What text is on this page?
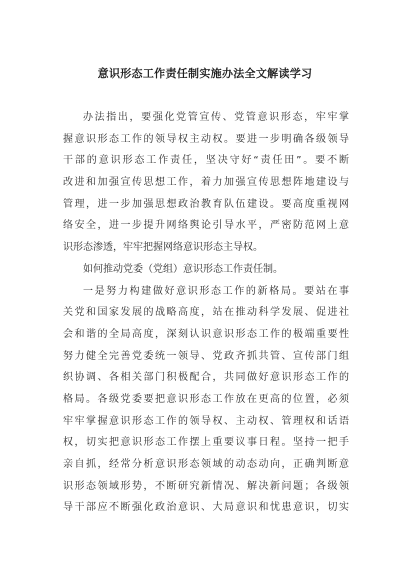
意识形态工作责任制实施办法全文解读学习
办法指出，要强化党管宣传、党管意识形态，牢牢掌
握意识形态工作的领导权主动权。要进一步明确各级领导
干部的意识形态工作责任，坚决守好“责任田”。要不断
改进和加强宣传思想工作，着力加强宣传思想阵地建设与
管理，进一步加强思想政治教育队伍建设。要高度重视网
络安全，进一步提升网络舆论引导水平，严密防范网上意
识形态渗透，牢牢把握网络意识形态主导权。
如何推动党委（党组）意识形态工作责任制。
一是努力构建做好意识形态工作的新格局。要站在事
关党和国家发展的战略高度，站在推动科学发展、促进社
会和谐的全局高度，深刻认识意识形态工作的极端重要性
努力健全完善党委统一领导、党政齐抓共管、宣传部门组
织协调、各相关部门积极配合，共同做好意识形态工作的
格局。各级党委要把意识形态工作放在更高的位置，必须
牢牢掌握意识形态工作的领导权、主动权、管理权和话语
权，切实把意识形态工作摆上重要议事日程。坚持一把手
亲自抓，经常分析意识形态领域的动态动向，正确判断意
识形态领域形势，不断研究新情况、解决新问题；各级领
导干部应不断强化政治意识、大局意识和忧患意识，切实
